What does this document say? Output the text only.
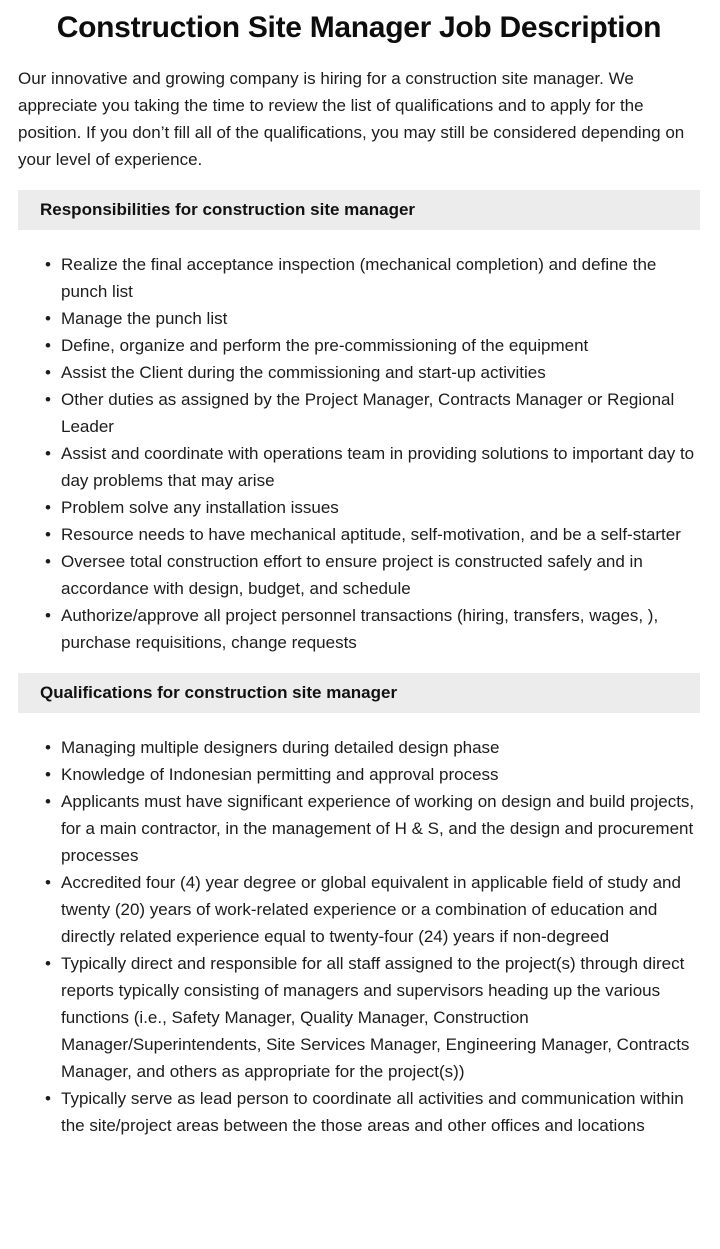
Construction Site Manager Job Description

Our innovative and growing company is hiring for a construction site manager. We appreciate you taking the time to review the list of qualifications and to apply for the position. If you don’t fill all of the qualifications, you may still be considered depending on your level of experience.

Responsibilities for construction site manager
• Realize the final acceptance inspection (mechanical completion) and define the punch list
• Manage the punch list
• Define, organize and perform the pre-commissioning of the equipment
• Assist the Client during the commissioning and start-up activities
• Other duties as assigned by the Project Manager, Contracts Manager or Regional Leader
• Assist and coordinate with operations team in providing solutions to important day to day problems that may arise
• Problem solve any installation issues
• Resource needs to have mechanical aptitude, self-motivation, and be a self-starter
• Oversee total construction effort to ensure project is constructed safely and in accordance with design, budget, and schedule
• Authorize/approve all project personnel transactions (hiring, transfers, wages, ), purchase requisitions, change requests
Qualifications for construction site manager
• Managing multiple designers during detailed design phase
• Knowledge of Indonesian permitting and approval process
• Applicants must have significant experience of working on design and build projects, for a main contractor, in the management of H & S, and the design and procurement processes
• Accredited four (4) year degree or global equivalent in applicable field of study and twenty (20) years of work-related experience or a combination of education and directly related experience equal to twenty-four (24) years if non-degreed
• Typically direct and responsible for all staff assigned to the project(s) through direct reports typically consisting of managers and supervisors heading up the various functions (i.e., Safety Manager, Quality Manager, Construction Manager/Superintendents, Site Services Manager, Engineering Manager, Contracts Manager, and others as appropriate for the project(s))
• Typically serve as lead person to coordinate all activities and communication within the site/project areas between the those areas and other offices and locations
